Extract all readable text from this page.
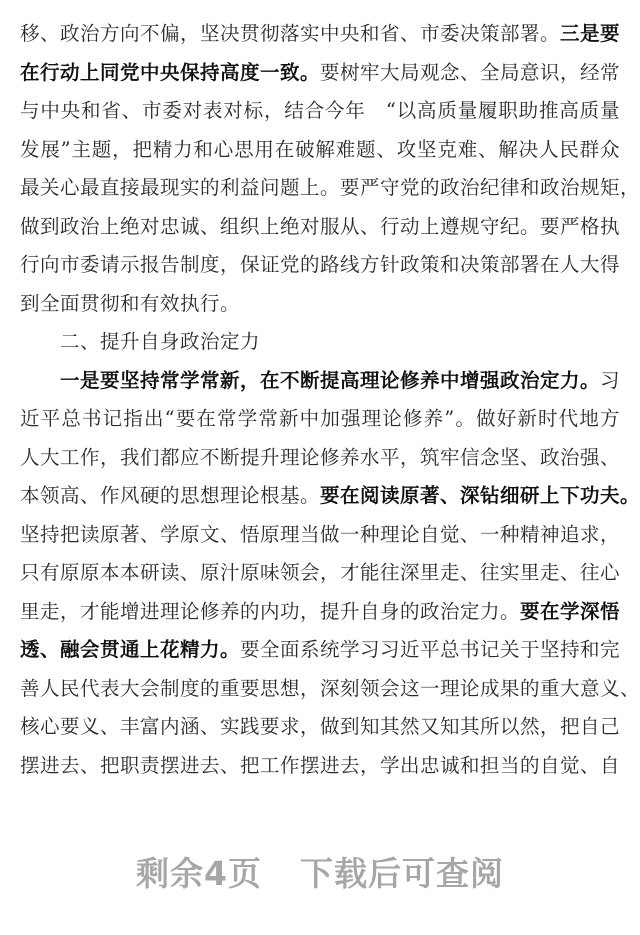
移、政治方向不偏，坚决贯彻落实中央和省、市委决策部署。三是要
在行动上同党中央保持高度一致。要树牢大局观念、全局意识，经常
与中央和省、市委对表对标，结合今年　“以高质量履职助推高质量
发展”主题，把精力和心思用在破解难题、攻坚克难、解决人民群众
最关心最直接最现实的利益问题上。要严守党的政治纪律和政治规矩，
做到政治上绝对忠诚、组织上绝对服从、行动上遵规守纪。要严格执
行向市委请示报告制度，保证党的路线方针政策和决策部署在人大得
到全面贯彻和有效执行。
二、提升自身政治定力
一是要坚持常学常新，在不断提高理论修养中增强政治定力。习
近平总书记指出“要在常学常新中加强理论修养”。做好新时代地方
人大工作，我们都应不断提升理论修养水平，筑牢信念坚、政治强、
本领高、作风硬的思想理论根基。要在阅读原著、深钻细研上下功夫。
坚持把读原著、学原文、悟原理当做一种理论自觉、一种精神追求，
只有原原本本研读、原汁原味领会，才能往深里走、往实里走、往心
里走，才能增进理论修养的内功，提升自身的政治定力。要在学深悟
透、融会贯通上花精力。要全面系统学习习近平总书记关于坚持和完
善人民代表大会制度的重要思想，深刻领会这一理论成果的重大意义、
核心要义、丰富内涵、实践要求，做到知其然又知其所以然，把自己
摆进去、把职责摆进去、把工作摆进去，学出忠诚和担当的自觉、自
剩余4页 下载后可查阅
